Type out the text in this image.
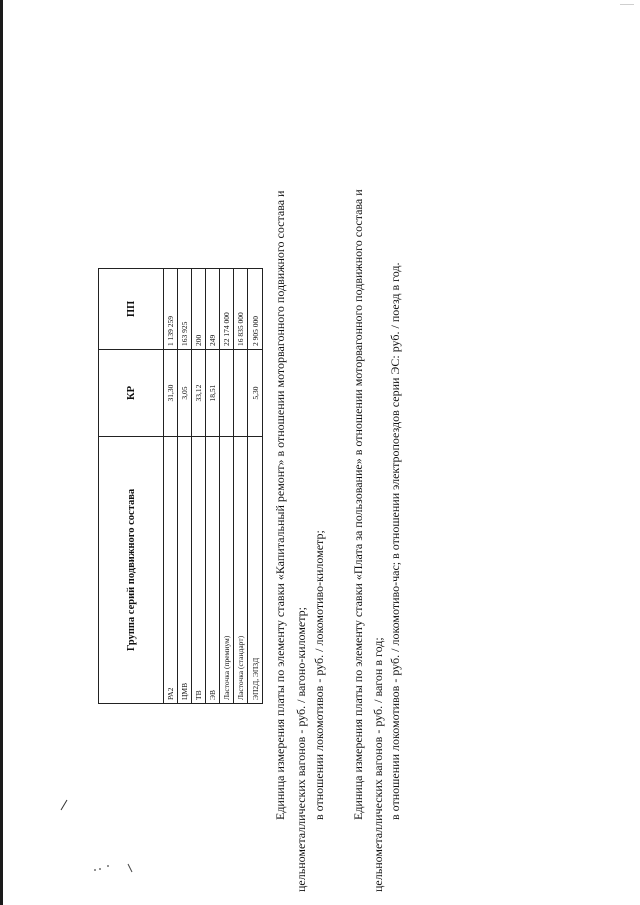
Группа серий подвижного состава	КР	ПП
РА2	31,30	1 139 259
ЦМВ	3,05	163 925
ТВ	33,12	200
ЭВ	18,51	249
Ласточка (премиум)		22 174 000
Ласточка (стандарт)		16 835 000
ЭП2Д, ЭП3Д	5,30	2 905 000 Единица измерения платы по элементу ставки «Капитальный ремонт» в отношении моторвагонного подвижного состава и цельнометаллических вагонов - руб. / вагоно-километр; в отношении локомотивов - руб. / локомотиво-километр; Единица измерения платы по элементу ставки «Плата за пользование» в отношении моторвагонного подвижного состава и цельнометаллических вагонов - руб. / вагон в год; в отношении локомотивов - руб. / локомотиво-час; в отношении электропоездов серии ЭС: руб. / поезд в год.
